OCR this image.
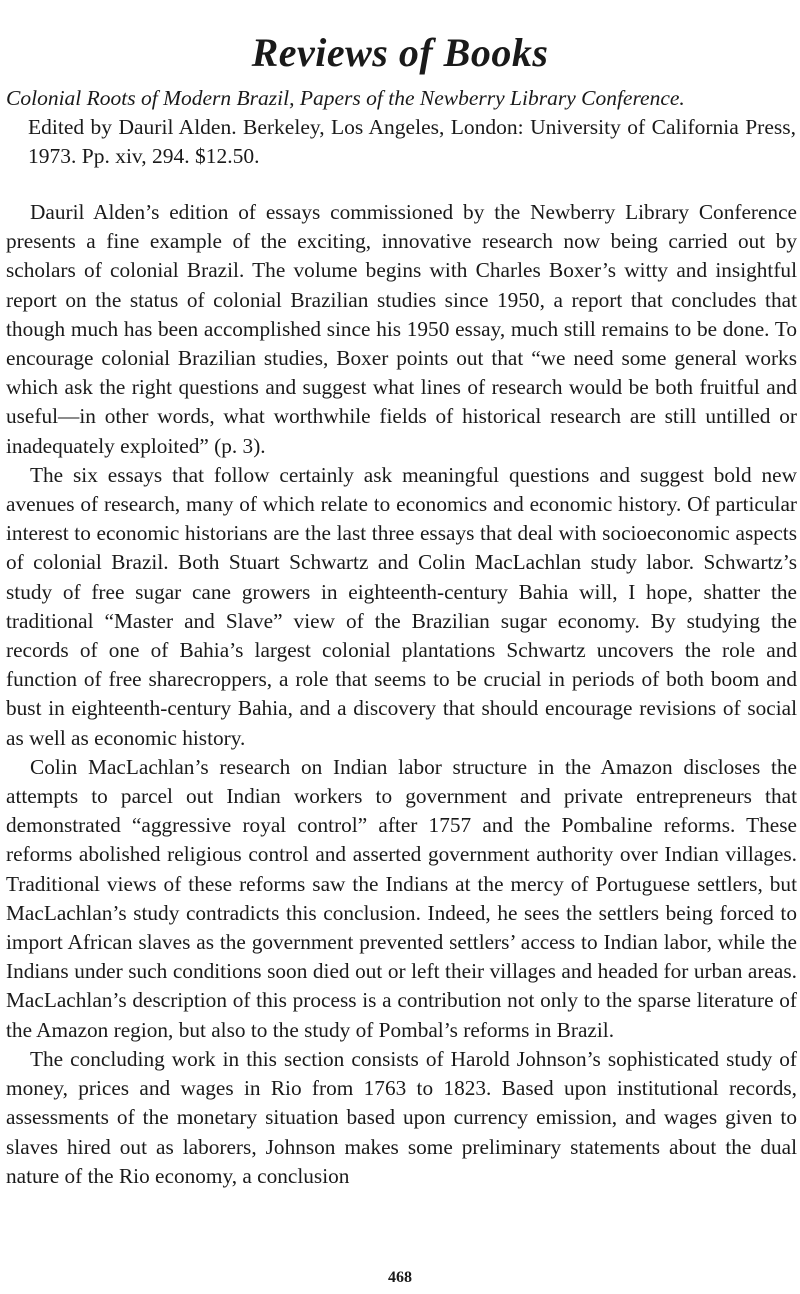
Reviews of Books
Colonial Roots of Modern Brazil, Papers of the Newberry Library Conference.
Edited by Dauril Alden. Berkeley, Los Angeles, London: University of California Press, 1973. Pp. xiv, 294. $12.50.

Dauril Alden’s edition of essays commissioned by the Newberry Library Conference presents a fine example of the exciting, innovative research now being carried out by scholars of colonial Brazil. The volume begins with Charles Boxer’s witty and insightful report on the status of colonial Brazilian studies since 1950, a report that concludes that though much has been accomplished since his 1950 essay, much still remains to be done. To encourage colonial Brazilian studies, Boxer points out that “we need some general works which ask the right questions and suggest what lines of research would be both fruitful and useful—in other words, what worthwhile fields of historical research are still untilled or inadequately exploited” (p. 3).

The six essays that follow certainly ask meaningful questions and suggest bold new avenues of research, many of which relate to economics and economic history. Of particular interest to economic historians are the last three essays that deal with socioeconomic aspects of colonial Brazil. Both Stuart Schwartz and Colin MacLachlan study labor. Schwartz’s study of free sugar cane growers in eighteenth-century Bahia will, I hope, shatter the traditional “Master and Slave” view of the Brazilian sugar economy. By studying the records of one of Bahia’s largest colonial plantations Schwartz uncovers the role and function of free sharecroppers, a role that seems to be crucial in periods of both boom and bust in eighteenth-century Bahia, and a discovery that should encourage revisions of social as well as economic history.

Colin MacLachlan’s research on Indian labor structure in the Amazon discloses the attempts to parcel out Indian workers to government and private entrepreneurs that demonstrated “aggressive royal control” after 1757 and the Pombaline reforms. These reforms abolished religious control and asserted government authority over Indian villages. Traditional views of these reforms saw the Indians at the mercy of Portuguese settlers, but MacLachlan’s study contradicts this conclusion. Indeed, he sees the settlers being forced to import African slaves as the government prevented settlers’ access to Indian labor, while the Indians under such conditions soon died out or left their villages and headed for urban areas. MacLachlan’s description of this process is a contribution not only to the sparse literature of the Amazon region, but also to the study of Pombal’s reforms in Brazil.

The concluding work in this section consists of Harold Johnson’s sophisticated study of money, prices and wages in Rio from 1763 to 1823. Based upon institutional records, assessments of the monetary situation based upon currency emission, and wages given to slaves hired out as laborers, Johnson makes some preliminary statements about the dual nature of the Rio economy, a conclusion

468
